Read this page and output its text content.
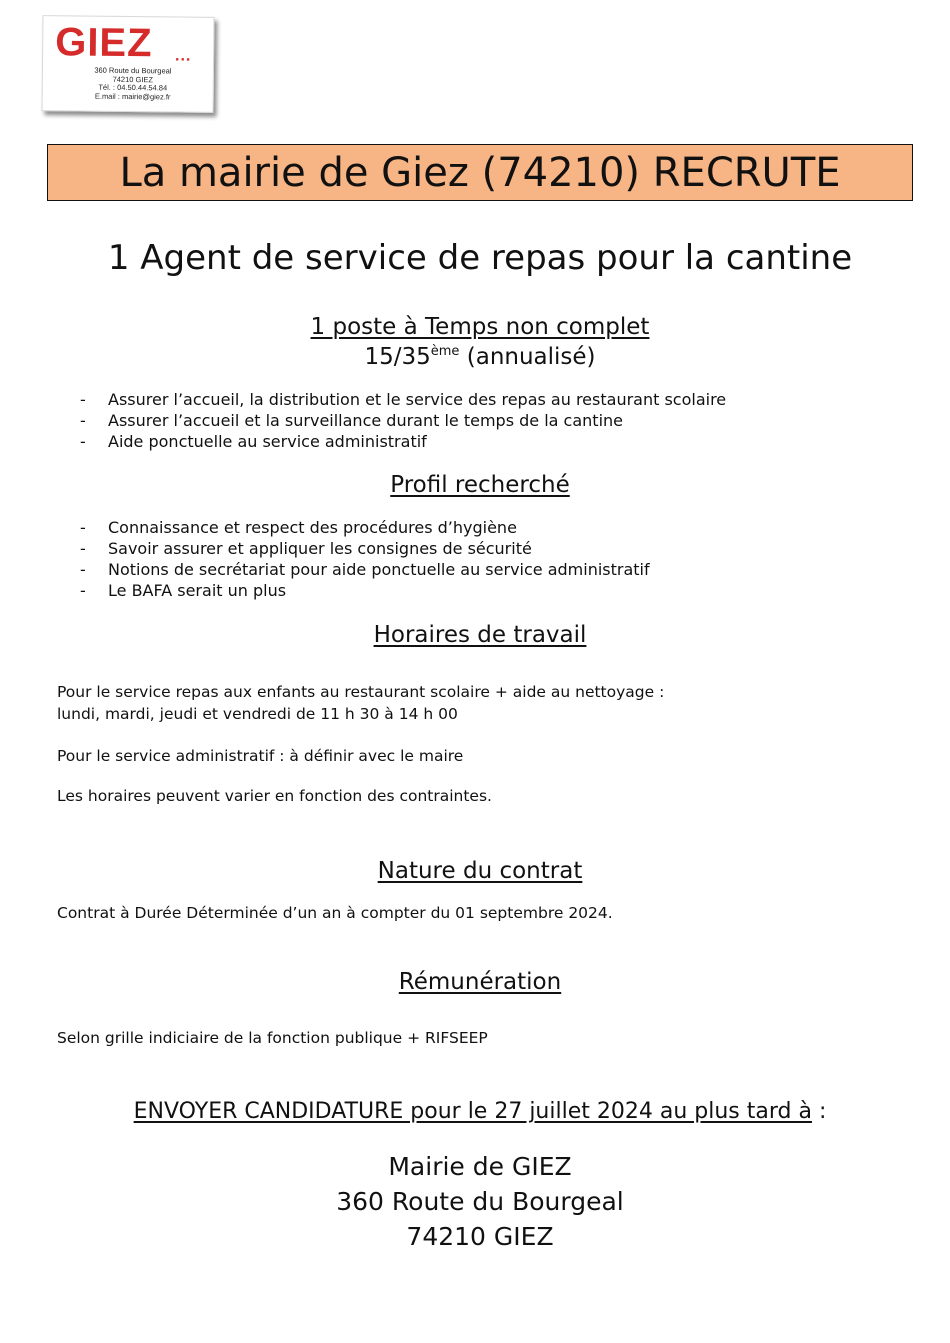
GIEZ ...
360 Route du Bourgeal
74210 GIEZ
Tél. : 04.50.44.54.84
E.mail : mairie@giez.fr
La mairie de Giez (74210) RECRUTE
1 Agent de service de repas pour la cantine
1 poste à Temps non complet
15/35ème (annualisé)
- Assurer l’accueil, la distribution et le service des repas au restaurant scolaire
- Assurer l’accueil et la surveillance durant le temps de la cantine
- Aide ponctuelle au service administratif
Profil recherché
- Connaissance et respect des procédures d’hygiène
- Savoir assurer et appliquer les consignes de sécurité
- Notions de secrétariat pour aide ponctuelle au service administratif
- Le BAFA serait un plus
Horaires de travail
Pour le service repas aux enfants au restaurant scolaire + aide au nettoyage :
lundi, mardi, jeudi et vendredi de 11 h 30 à 14 h 00
Pour le service administratif : à définir avec le maire
Les horaires peuvent varier en fonction des contraintes.
Nature du contrat
Contrat à Durée Déterminée d’un an à compter du 01 septembre 2024.
Rémunération
Selon grille indiciaire de la fonction publique + RIFSEEP
ENVOYER CANDIDATURE pour le 27 juillet 2024 au plus tard à :
Mairie de GIEZ
360 Route du Bourgeal
74210 GIEZ
